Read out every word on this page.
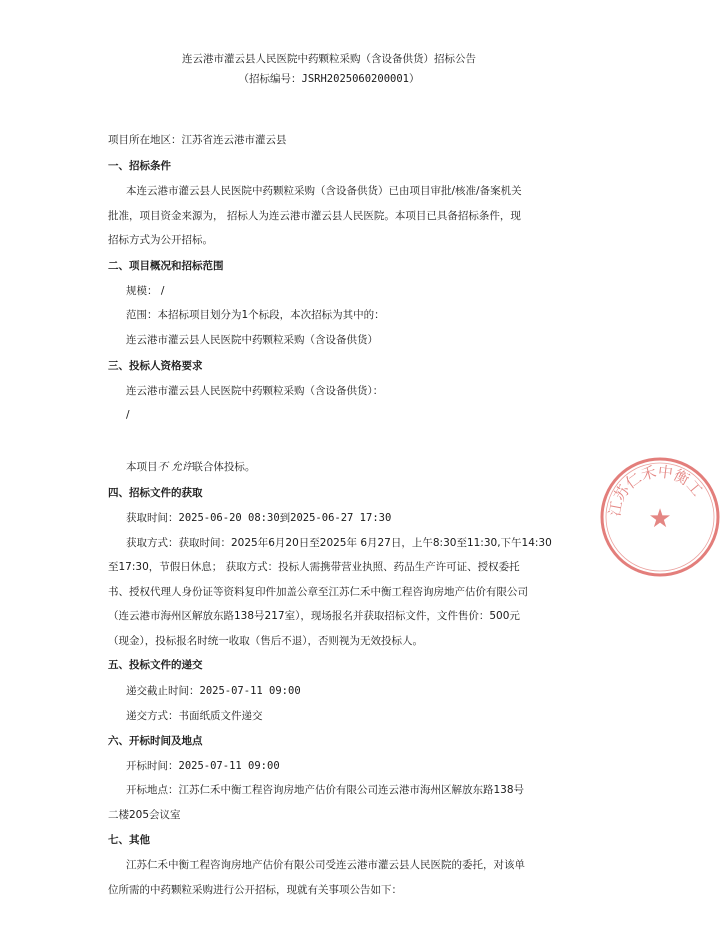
连云港市灌云县人民医院中药颗粒采购（含设备供货）招标公告
（招标编号：JSRH2025060200001）
项目所在地区：江苏省连云港市灌云县
一、招标条件
本连云港市灌云县人民医院中药颗粒采购（含设备供货）已由项目审批/核准/备案机关
批准，项目资金来源为， 招标人为连云港市灌云县人民医院。本项目已具备招标条件，现
招标方式为公开招标。
二、项目概况和招标范围
规模： /
范围：本招标项目划分为1个标段，本次招标为其中的：
连云港市灌云县人民医院中药颗粒采购（含设备供货）
三、投标人资格要求
连云港市灌云县人民医院中药颗粒采购（含设备供货）：
/
本项目不 允许联合体投标。
四、招标文件的获取
获取时间：2025-06-20 08:30到2025-06-27 17:30
获取方式：获取时间：2025年6月20日至2025年 6月27日，上午8:30至11:30,下午14:30
至17:30，节假日休息； 获取方式：投标人需携带营业执照、药品生产许可证、授权委托
书、授权代理人身份证等资料复印件加盖公章至江苏仁禾中衡工程咨询房地产估价有限公司
（连云港市海州区解放东路138号217室），现场报名并获取招标文件，文件售价：500元
（现金），投标报名时统一收取（售后不退），否则视为无效投标人。
五、投标文件的递交
递交截止时间：2025-07-11 09:00
递交方式：书面纸质文件递交
六、开标时间及地点
开标时间：2025-07-11 09:00
开标地点：江苏仁禾中衡工程咨询房地产估价有限公司连云港市海州区解放东路138号
二楼205会议室
七、其他
江苏仁禾中衡工程咨询房地产估价有限公司受连云港市灌云县人民医院的委托，对该单
位所需的中药颗粒采购进行公开招标，现就有关事项公告如下：
江苏仁禾中衡工
★
